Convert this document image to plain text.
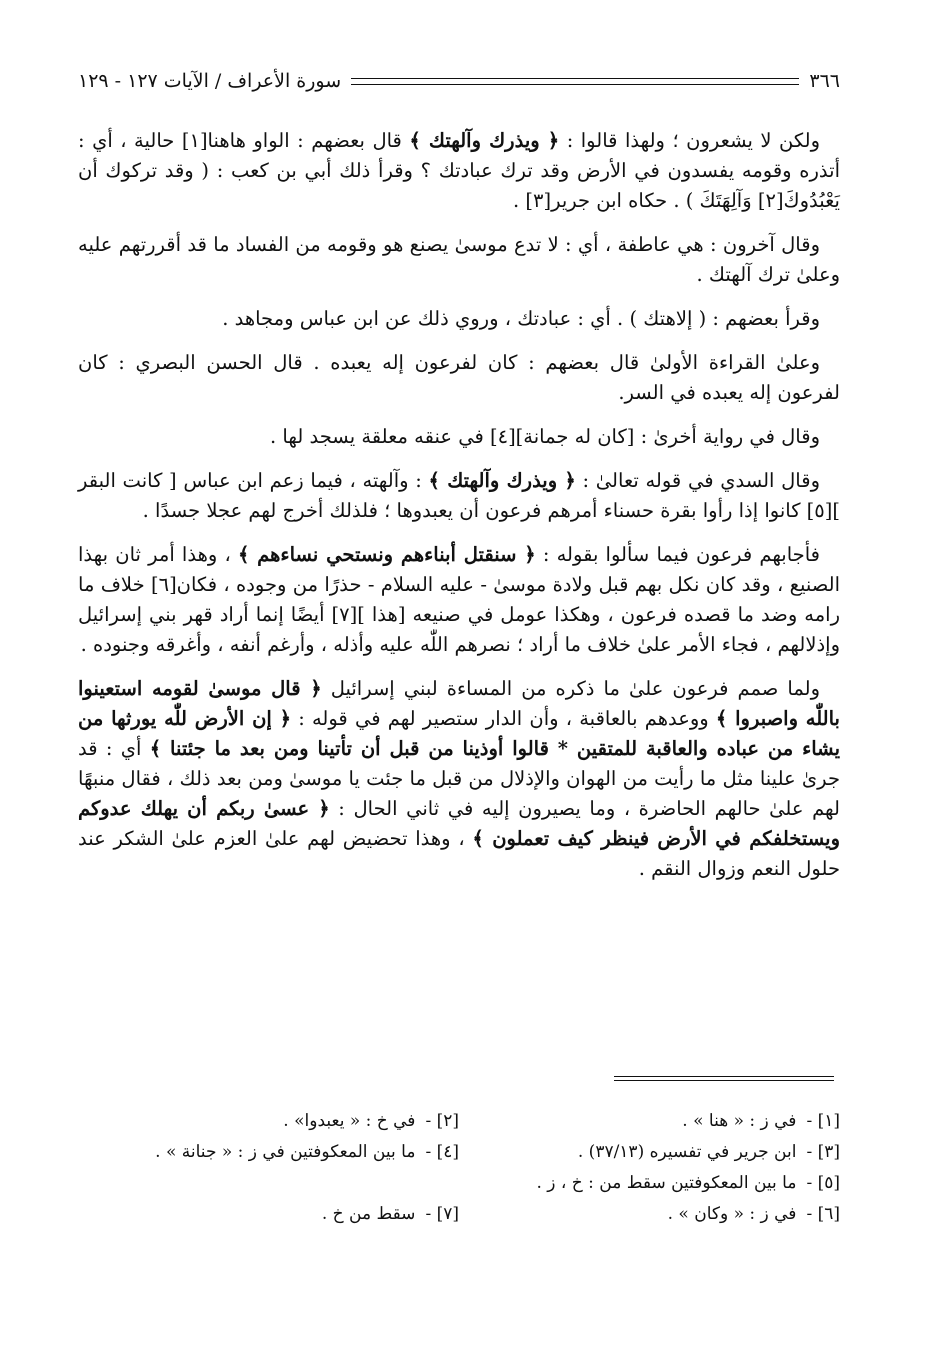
٣٦٦
سورة الأعراف / الآيات ١٢٧ - ١٢٩

ولكن لا يشعرون ؛ ولهذا قالوا : ﴿ ويذرك وآلهتك ﴾ قال بعضهم : الواو هاهنا[١] حالية ، أي : أتذره وقومه يفسدون في الأرض وقد ترك عبادتك ؟ وقرأ ذلك أبي بن كعب : ( وقد تركوك أن يَعْبُدُوكَ[٢] وَآلِهَتَكَ ) . حكاه ابن جرير[٣] .

وقال آخرون : هي عاطفة ، أي : لا تدع موسىٰ يصنع هو وقومه من الفساد ما قد أقررتهم عليه وعلىٰ ترك آلهتك .

وقرأ بعضهم : ( إلاهتك ) . أي : عبادتك ، وروي ذلك عن ابن عباس ومجاهد .

وعلىٰ القراءة الأولىٰ قال بعضهم : كان لفرعون إله يعبده . قال الحسن البصري : كان لفرعون إله يعبده في السر.

وقال في رواية أخرىٰ : [كان له جمانة][٤] في عنقه معلقة يسجد لها .

وقال السدي في قوله تعالىٰ : ﴿ ويذرك وآلهتك ﴾ : وآلهته ، فيما زعم ابن عباس [ كانت البقر ][٥] كانوا إذا رأوا بقرة حسناء أمرهم فرعون أن يعبدوها ؛ فلذلك أخرج لهم عجلا جسدًا .

فأجابهم فرعون فيما سألوا بقوله : ﴿ سنقتل أبناءهم ونستحي نساءهم ﴾ ، وهذا أمر ثان بهذا الصنيع ، وقد كان نكل بهم قبل ولادة موسىٰ - عليه السلام - حذرًا من وجوده ، فكان[٦] خلاف ما رامه وضد ما قصده فرعون ، وهكذا عومل في صنيعه [هذا ][٧] أيضًا إنما أراد قهر بني إسرائيل وإذلالهم ، فجاء الأمر علىٰ خلاف ما أراد ؛ نصرهم اللّٰه عليه وأذله ، وأرغم أنفه ، وأغرقه وجنوده .

ولما صمم فرعون علىٰ ما ذكره من المساءة لبني إسرائيل ﴿ قال موسىٰ لقومه استعينوا باللّٰه واصبروا ﴾ ووعدهم بالعاقبة ، وأن الدار ستصير لهم في قوله : ﴿ إن الأرض للّٰه يورثها من يشاء من عباده والعاقبة للمتقين * قالوا أوذينا من قبل أن تأتينا ومن بعد ما جئتنا ﴾ أي : قد جرىٰ علينا مثل ما رأيت من الهوان والإذلال من قبل ما جئت يا موسىٰ ومن بعد ذلك ، فقال منبهًا لهم علىٰ حالهم الحاضرة ، وما يصيرون إليه في ثاني الحال : ﴿ عسىٰ ربكم أن يهلك عدوكم ويستخلفكم في الأرض فينظر كيف تعملون ﴾ ، وهذا تحضيض لهم علىٰ العزم علىٰ الشكر عند حلول النعم وزوال النقم .

[١] -في ز : « هنا » .
[٢] -في خ : « يعبدوا» .
[٣] -ابن جرير في تفسيره (٣٧/١٣) .
[٤] -ما بين المعكوفتين في ز : « جنانة » .
[٥] -ما بين المعكوفتين سقط من : خ ، ز .
[٦] -في ز : « وكان » .
[٧] -سقط من خ .
